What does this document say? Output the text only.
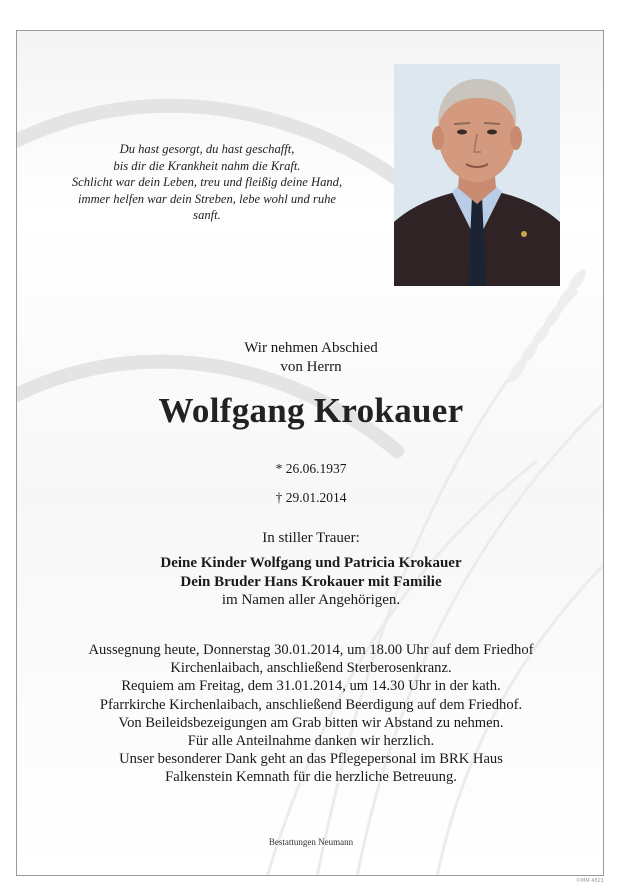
Du hast gesorgt, du hast geschafft,
bis dir die Krankheit nahm die Kraft.
Schlicht war dein Leben, treu und fleißig deine Hand,
immer helfen war dein Streben, lebe wohl und ruhe
sanft.
Wir nehmen Abschied
von Herrn
Wolfgang Krokauer
* 26.06.1937
† 29.01.2014
In stiller Trauer:
Deine Kinder Wolfgang und Patricia Krokauer
Dein Bruder Hans Krokauer mit Familie
im Namen aller Angehörigen.
Aussegnung heute, Donnerstag 30.01.2014, um 18.00 Uhr auf dem Friedhof
Kirchenlaibach, anschließend Sterberosenkranz.
Requiem am Freitag, dem 31.01.2014, um 14.30 Uhr in der kath.
Pfarrkirche Kirchenlaibach, anschließend Beerdigung auf dem Friedhof.
Von Beileidsbezeigungen am Grab bitten wir Abstand zu nehmen.
Für alle Anteilnahme danken wir herzlich.
Unser besonderer Dank geht an das Pflegepersonal im BRK Haus
Falkenstein Kemnath für die herzliche Betreuung.
Bestattungen Neumann
©MM 4821
